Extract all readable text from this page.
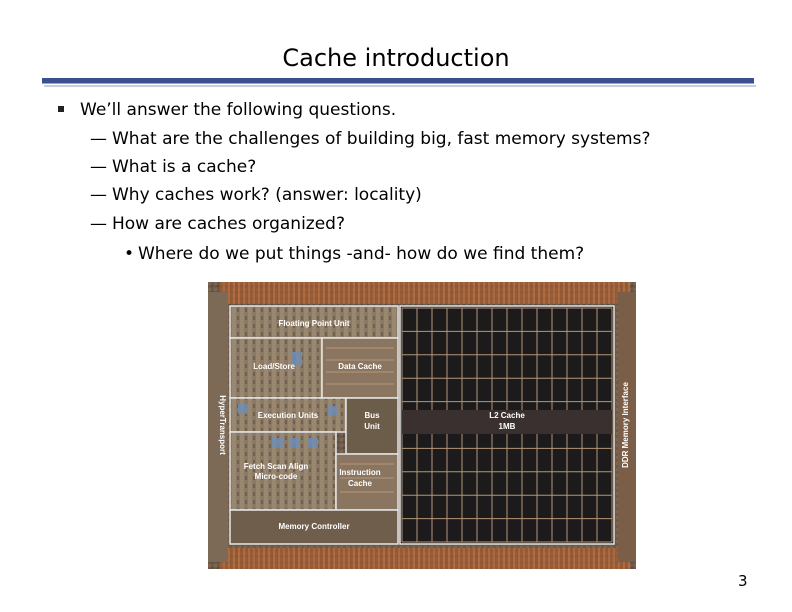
Cache introduction
We’ll answer the following questions.
— What are the challenges of building big, fast memory systems?
— What is a cache?
— Why caches work? (answer: locality)
— How are caches organized?
• Where do we put things -and- how do we find them?
Floating Point Unit
Load/Store	Data Cache
Execution Units	Bus
Unit
Fetch Scan Align
Micro-code	Instruction
Cache
Memory Controller
L2 Cache
1MB
HyperTransport	DDR Memory Interface
3
